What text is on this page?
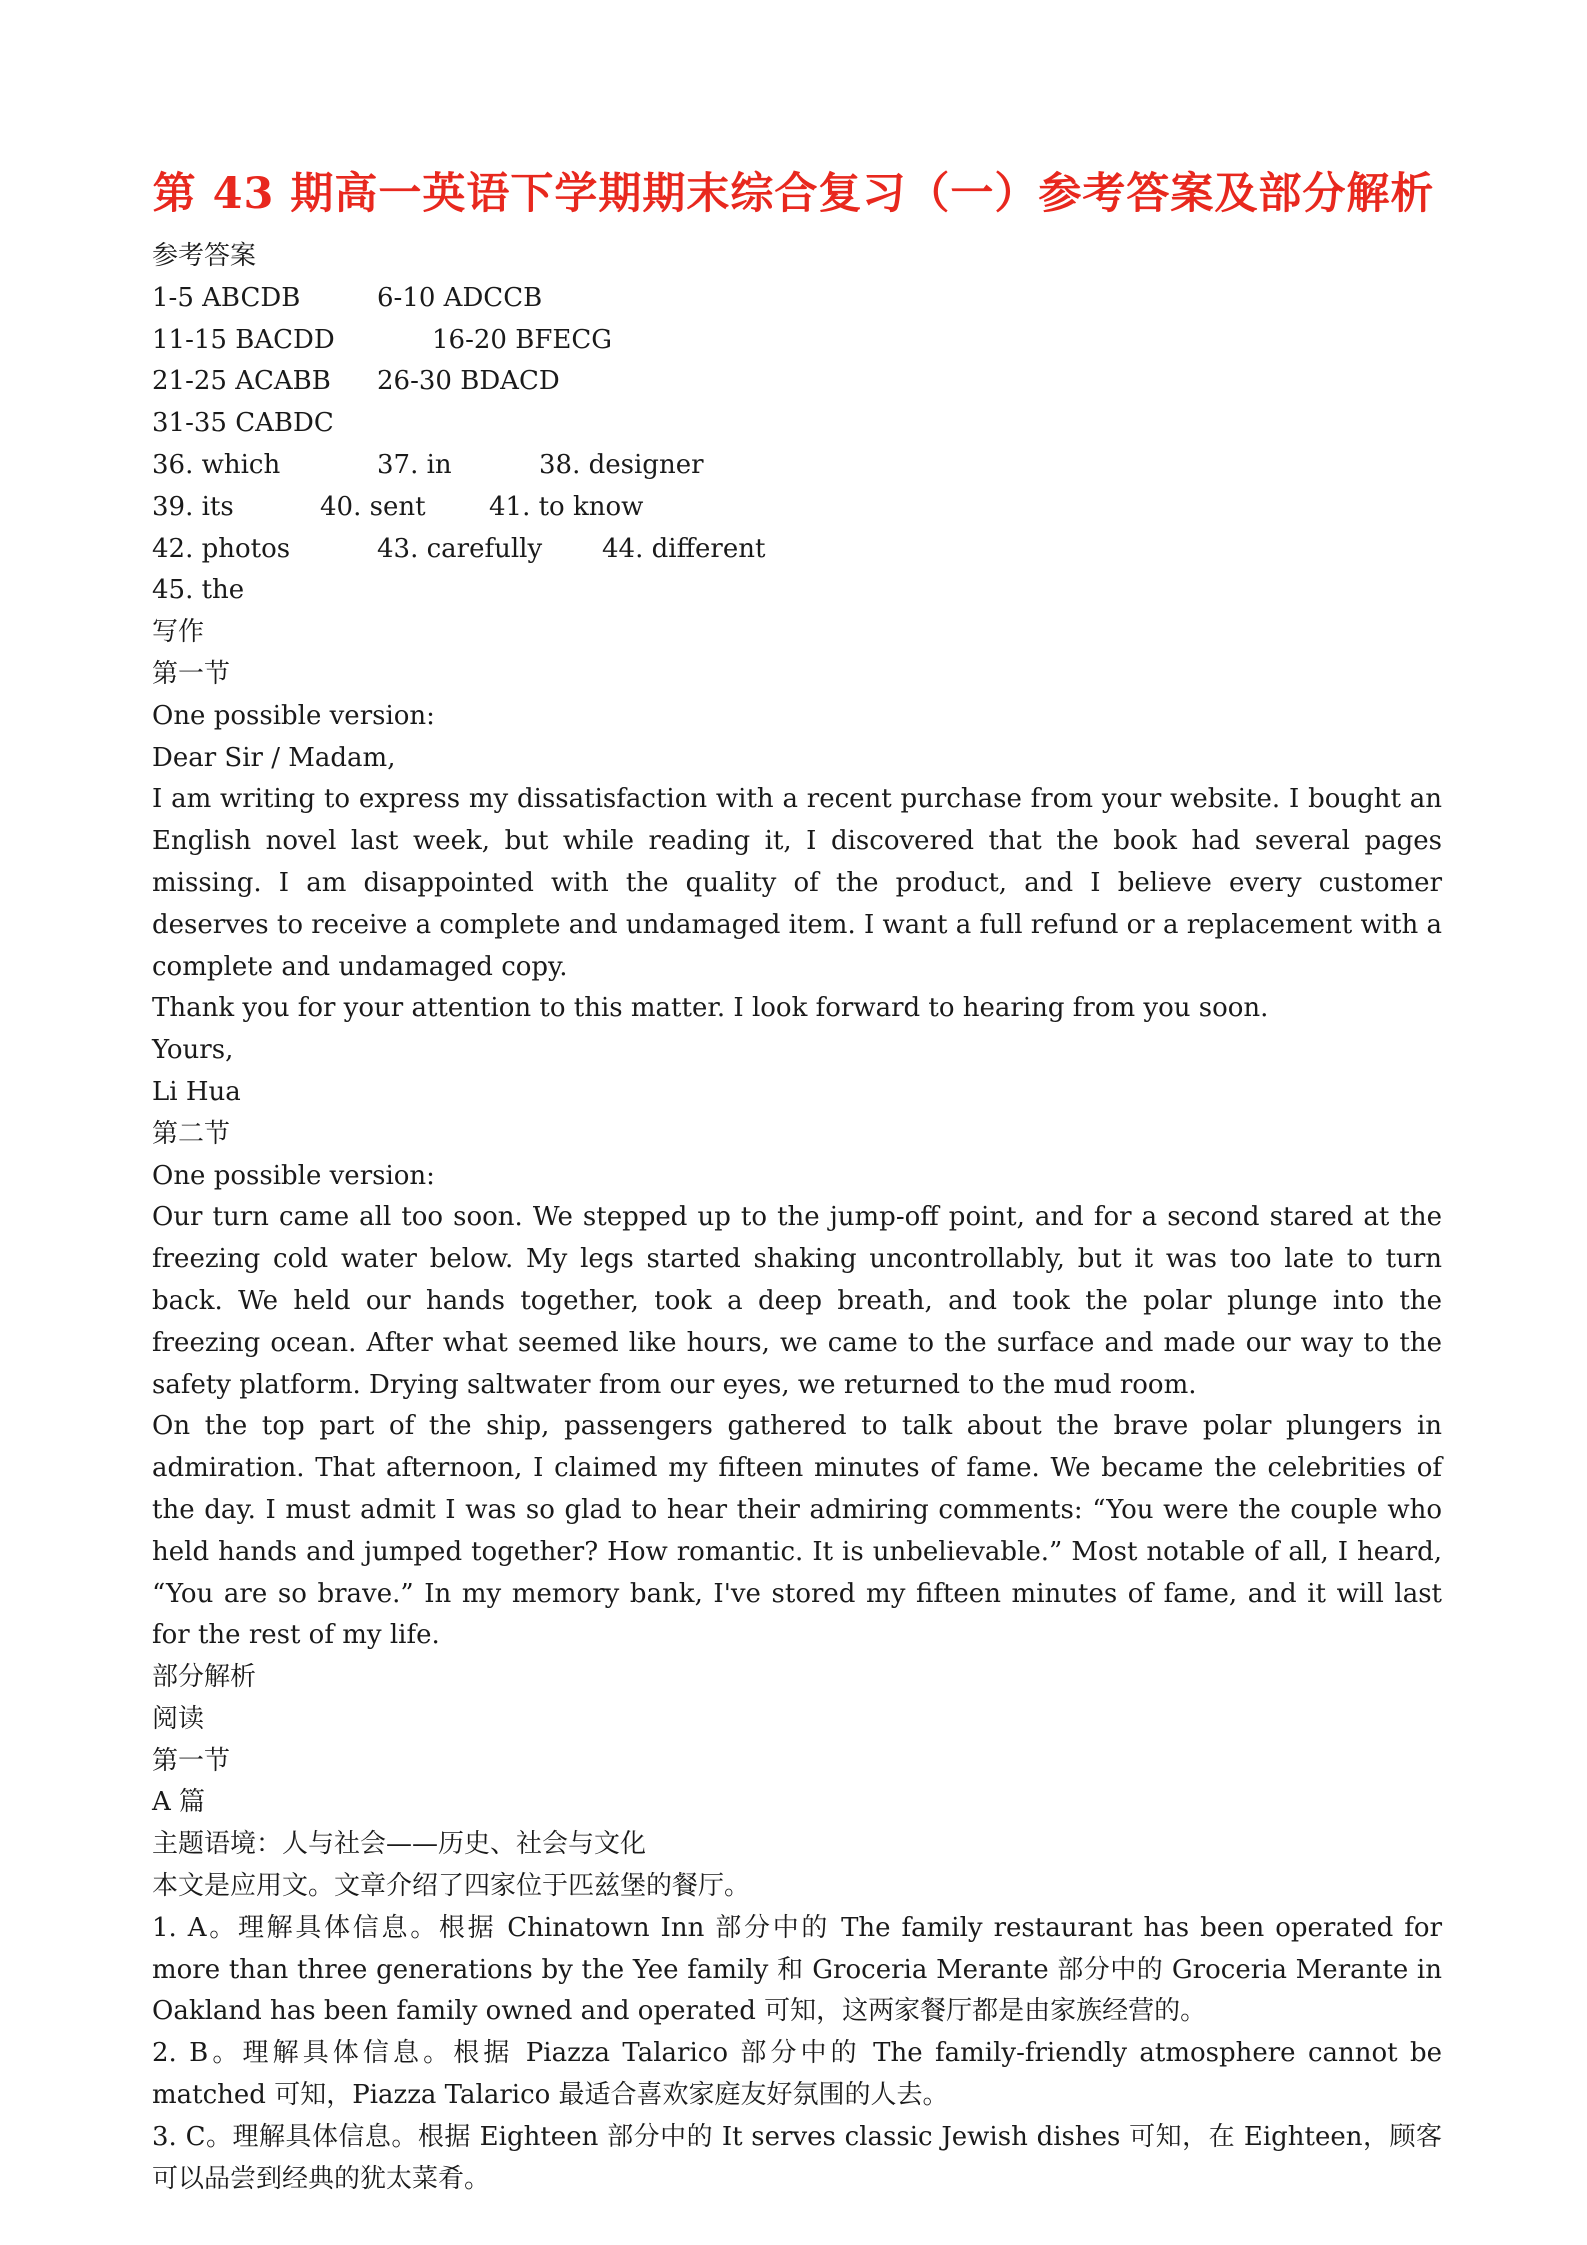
第 43 期高一英语下学期期末综合复习（一）参考答案及部分解析
参考答案
1-5 ABCDB	6-10 ADCCB
11-15 BACDD	16-20 BFECG
21-25 ACABB	26-30 BDACD
31-35 CABDC
36. which	37. in	38. designer
39. its	40. sent	41. to know
42. photos	43. carefully	44. different
45. the
写作
第一节
One possible version:
Dear Sir / Madam,
I am writing to express my dissatisfaction with a recent purchase from your website. I bought an English novel last week, but while reading it, I discovered that the book had several pages missing. I am disappointed with the quality of the product, and I believe every customer deserves to receive a complete and undamaged item. I want a full refund or a replacement with a complete and undamaged copy.
Thank you for your attention to this matter. I look forward to hearing from you soon.
Yours,
Li Hua
第二节
One possible version:
Our turn came all too soon. We stepped up to the jump-off point, and for a second stared at the freezing cold water below. My legs started shaking uncontrollably, but it was too late to turn back. We held our hands together, took a deep breath, and took the polar plunge into the freezing ocean. After what seemed like hours, we came to the surface and made our way to the safety platform. Drying saltwater from our eyes, we returned to the mud room.
On the top part of the ship, passengers gathered to talk about the brave polar plungers in admiration. That afternoon, I claimed my fifteen minutes of fame. We became the celebrities of the day. I must admit I was so glad to hear their admiring comments: “You were the couple who held hands and jumped together? How romantic. It is unbelievable.” Most notable of all, I heard, “You are so brave.” In my memory bank, I've stored my fifteen minutes of fame, and it will last for the rest of my life.
部分解析
阅读
第一节
A 篇
主题语境：人与社会——历史、社会与文化
本文是应用文。文章介绍了四家位于匹兹堡的餐厅。
1. A。理解具体信息。根据 Chinatown Inn 部分中的 The family restaurant has been operated for more than three generations by the Yee family 和 Groceria Merante 部分中的 Groceria Merante in Oakland has been family owned and operated 可知，这两家餐厅都是由家族经营的。
2. B。理解具体信息。根据 Piazza Talarico 部分中的 The family-friendly atmosphere cannot be matched 可知，Piazza Talarico 最适合喜欢家庭友好氛围的人去。
3. C。理解具体信息。根据 Eighteen 部分中的 It serves classic Jewish dishes 可知，在 Eighteen，顾客可以品尝到经典的犹太菜肴。
